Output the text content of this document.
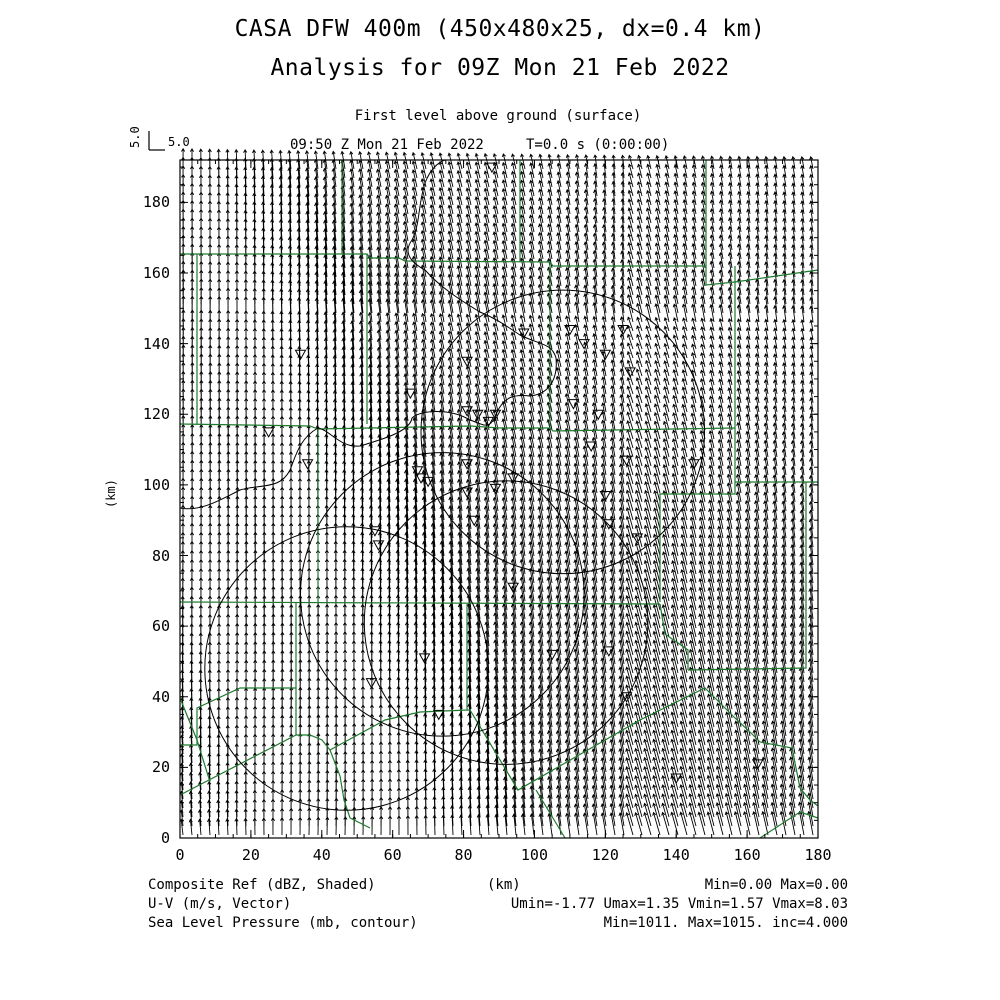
CASA DFW 400m (450x480x25, dx=0.4 km)
Analysis for 09Z Mon 21 Feb 2022
First level above ground (surface)
09:50 Z Mon 21 Feb 2022     T=0.0 s (0:00:00)
5.0 5.0
0	20	40	60	80	100	120	140	160	180
0
20
40
60
80
100
120
140
160
180
(km)
Composite Ref (dBZ, Shaded)
U-V (m/s, Vector)
Sea Level Pressure (mb, contour)
(km)	Min=0.00 Max=0.00
Umin=-1.77 Umax=1.35 Vmin=1.57 Vmax=8.03
Min=1011. Max=1015. inc=4.000
